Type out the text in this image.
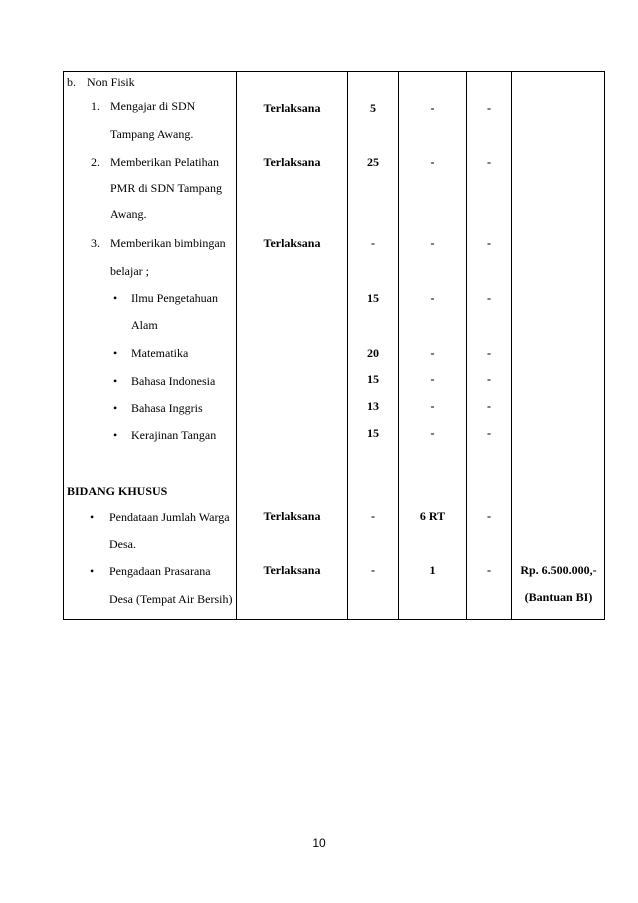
b. Non Fisik
1. Mengajar di SDN
Tampang Awang.
2. Memberikan Pelatihan
PMR di SDN Tampang
Awang.
3. Memberikan bimbingan
belajar ;
• Ilmu Pengetahuan
Alam
• Matematika
• Bahasa Indonesia
• Bahasa Inggris
• Kerajinan Tangan
BIDANG KHUSUS
• Pendataan Jumlah Warga
Desa.
• Pengadaan Prasarana
Desa (Tempat Air Bersih)
Terlaksana
Terlaksana
Terlaksana
Terlaksana
Terlaksana
5
25
-
15
20
15
13
15
-
-
-
-
-
-
-
-
-
-
6 RT
1
-
-
-
-
-
-
-
-
-
-	Rp. 6.500.000,-
(Bantuan BI)
10
